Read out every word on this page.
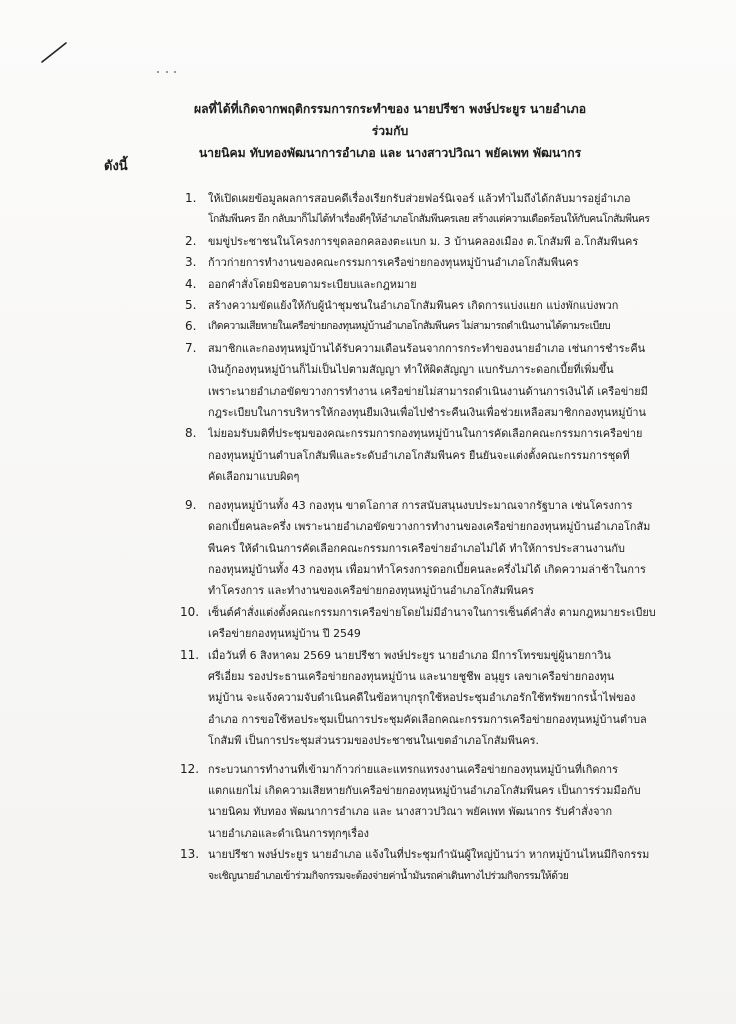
ผลที่ได้ที่เกิดจากพฤติกรรมการกระทำของ นายปรีชา พงษ์ประยูร นายอำเภอ
ร่วมกับ
นายนิคม ทับทองพัฒนาการอำเภอ และ นางสาวปวิณา พยัคเพท พัฒนากร
ดังนี้
1. ให้เปิดเผยข้อมูลผลการสอบคดีเรื่องเรียกรับส่วยฟอร์นิเจอร์ แล้วทำไมถึงได้กลับมารอยู่อำเภอ
โกสัมพีนคร อีก กลับมาก็ไม่ได้ทำเรื่องดีๆให้อำเภอโกสัมพีนครเลย สร้างแต่ความเดือดร้อนให้กับคนโกสัมพีนคร
2. ขมขู่ประชาชนในโครงการขุดลอกคลองตะแบก ม. 3 บ้านคลองเมือง ต.โกสัมพี อ.โกสัมพีนคร
3. ก้าวก่ายการทำงานของคณะกรรมการเครือข่ายกองทุนหมู่บ้านอำเภอโกสัมพีนคร
4. ออกคำสั่งโดยมิชอบตามระเบียบและกฎหมาย
5. สร้างความขัดแย้งให้กับผู้นำชุมชนในอำเภอโกสัมพีนคร เกิดการแบ่งแยก แบ่งพักแบ่งพวก
6. เกิดความเสียหายในเครือข่ายกองทุนหมู่บ้านอำเภอโกสัมพีนคร ไม่สามารถดำเนินงานได้ตามระเบียบ
7. สมาชิกและกองทุนหมู่บ้านได้รับความเดือนร้อนจากการกระทำของนายอำเภอ เช่นการชำระคืน
เงินกู้กองทุนหมู่บ้านก็ไม่เป็นไปตามสัญญา ทำให้ผิดสัญญา แบกรับภาระดอกเบี้ยที่เพิ่มขึ้น
เพราะนายอำเภอขัดขวางการทำงาน เครือข่ายไม่สามารถดำเนินงานด้านการเงินได้ เครือข่ายมี
กฎระเบียบในการบริหารให้กองทุนยืมเงินเพื่อไปชำระคืนเงินเพื่อช่วยเหลือสมาชิกกองทุนหมู่บ้าน
8. ไม่ยอมรับมติที่ประชุมของคณะกรรมการกองทุนหมู่บ้านในการคัดเลือกคณะกรรมการเครือข่าย
กองทุนหมู่บ้านตำบลโกสัมพีและระดับอำเภอโกสัมพีนคร ยืนยันจะแต่งตั้งคณะกรรมการชุดที่
คัดเลือกมาแบบผิดๆ
9. กองทุนหมู่บ้านทั้ง 43 กองทุน ขาดโอกาส การสนับสนุนงบประมาณจากรัฐบาล เช่นโครงการ
ดอกเบี้ยคนละครึ่ง เพราะนายอำเภอขัดขวางการทำงานของเครือข่ายกองทุนหมู่บ้านอำเภอโกสัม
พีนคร ให้ดำเนินการคัดเลือกคณะกรรมการเครือข่ายอำเภอไม่ได้ ทำให้การประสานงานกับ
กองทุนหมู่บ้านทั้ง 43 กองทุน เพื่อมาทำโครงการดอกเบี้ยคนละครึ่งไม่ได้ เกิดความล่าช้าในการ
ทำโครงการ และทำงานของเครือข่ายกองทุนหมู่บ้านอำเภอโกสัมพีนคร
10. เซ็นต์คำสั่งแต่งตั้งคณะกรรมการเครือข่ายโดยไม่มีอำนาจในการเซ็นต์คำสั่ง ตามกฎหมายระเบียบ
เครือข่ายกองทุนหมู่บ้าน ปี 2549
11. เมื่อวันที่ 6 สิงหาคม 2569 นายปรีชา พงษ์ประยูร นายอำเภอ มีการโทรขมขู่ผู้นายกาวิน
ศรีเอี่ยม รองประธานเครือข่ายกองทุนหมู่บ้าน และนายชูชีพ อนุยูร เลขาเครือข่ายกองทุน
หมู่บ้าน จะแจ้งความจับดำเนินคดีในข้อหาบุกรุกใช้หอประชุมอำเภอรักใช้ทรัพยากรน้ำไฟของ
อำเภอ การขอใช้หอประชุมเป็นการประชุมคัดเลือกคณะกรรมการเครือข่ายกองทุนหมู่บ้านตำบล
โกสัมพี เป็นการประชุมส่วนรวมของประชาชนในเขตอำเภอโกสัมพีนคร.
12. กระบวนการทำงานที่เข้ามาก้าวก่ายและแทรกแทรงงานเครือข่ายกองทุนหมู่บ้านที่เกิดการ
แตกแยกไม่ เกิดความเสียหายกับเครือข่ายกองทุนหมู่บ้านอำเภอโกสัมพีนคร เป็นการร่วมมือกับ
นายนิคม ทับทอง พัฒนาการอำเภอ และ นางสาวปวิณา พยัคเพท พัฒนากร รับคำสั่งจาก
นายอำเภอและดำเนินการทุกๆเรื่อง
13. นายปรีชา พงษ์ประยูร นายอำเภอ แจ้งในที่ประชุมกำนันผู้ใหญ่บ้านว่า หากหมู่บ้านไหนมีกิจกรรม
จะเชิญนายอำเภอเข้าร่วมกิจกรรมจะต้องจ่ายค่าน้ำมันรถค่าเดินทางไปร่วมกิจกรรมให้ด้วย
